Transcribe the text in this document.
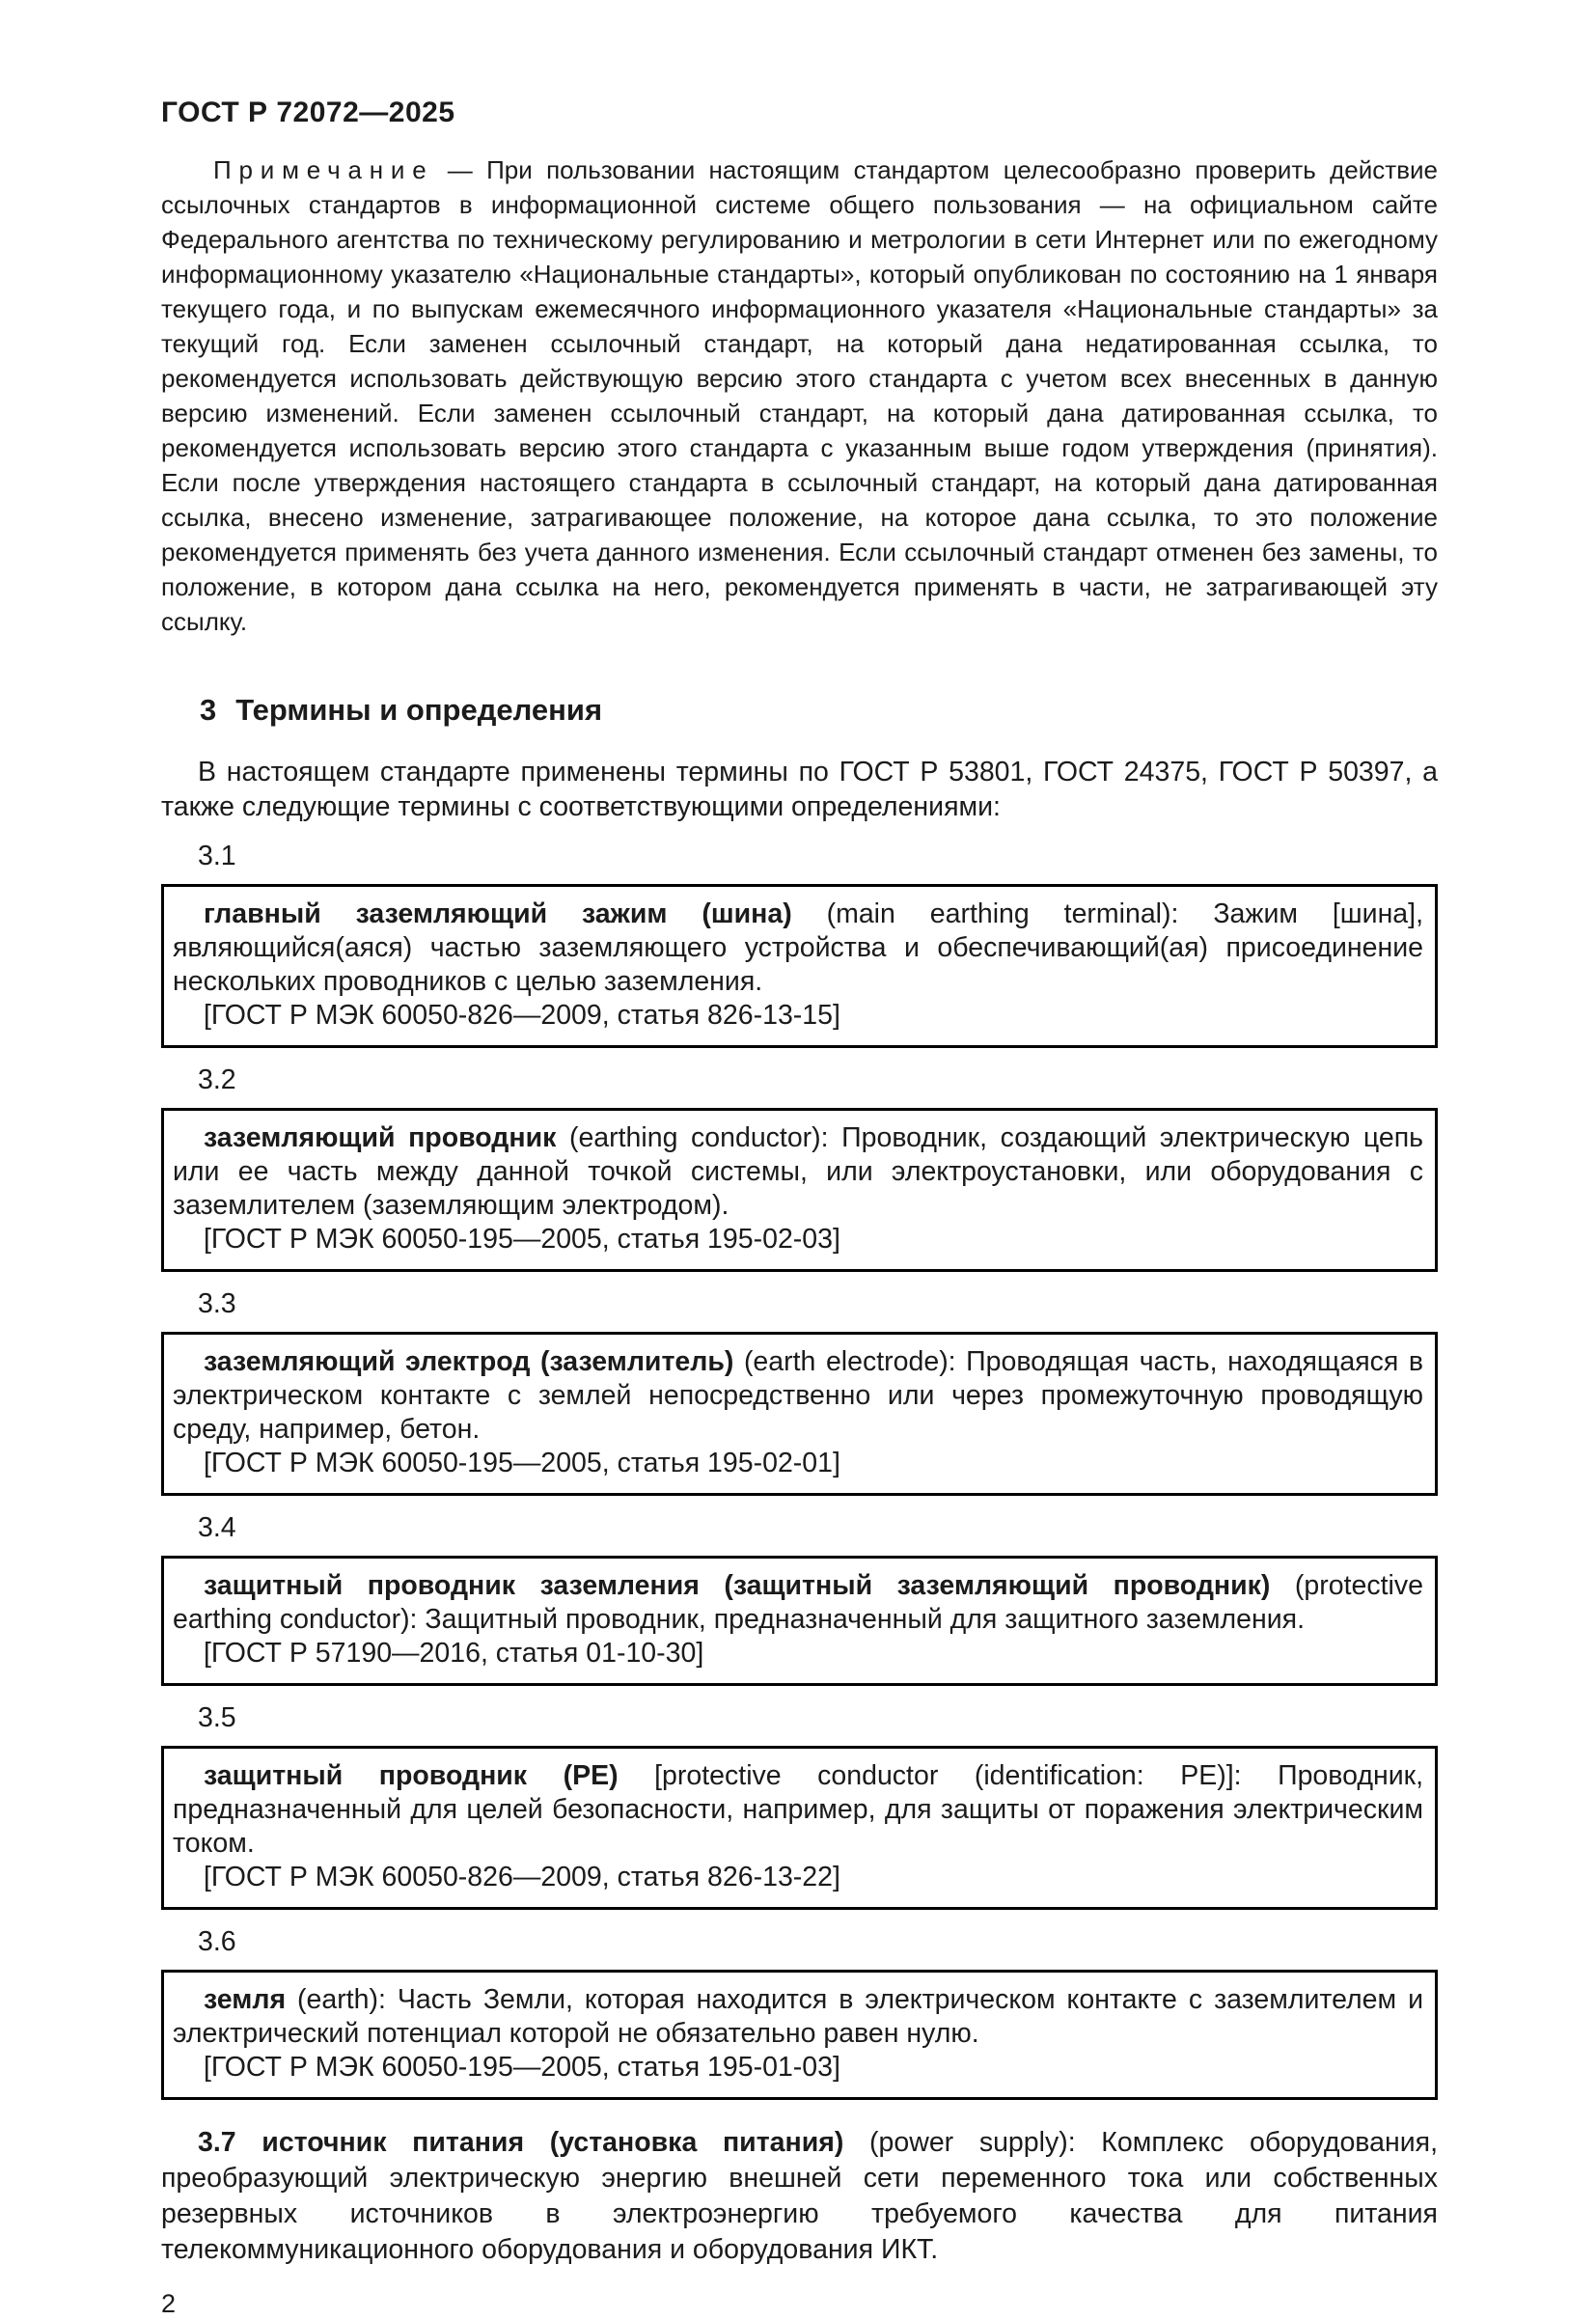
ГОСТ Р 72072—2025

Примечание — При пользовании настоящим стандартом целесообразно проверить действие ссылочных стандартов в информационной системе общего пользования — на официальном сайте Федерального агентства по техническому регулированию и метрологии в сети Интернет или по ежегодному информационному указателю «Национальные стандарты», который опубликован по состоянию на 1 января текущего года, и по выпускам ежемесячного информационного указателя «Национальные стандарты» за текущий год. Если заменен ссылочный стандарт, на который дана недатированная ссылка, то рекомендуется использовать действующую версию этого стандарта с учетом всех внесенных в данную версию изменений. Если заменен ссылочный стандарт, на который дана датированная ссылка, то рекомендуется использовать версию этого стандарта с указанным выше годом утверждения (принятия). Если после утверждения настоящего стандарта в ссылочный стандарт, на который дана датированная ссылка, внесено изменение, затрагивающее положение, на которое дана ссылка, то это положение рекомендуется применять без учета данного изменения. Если ссылочный стандарт отменен без замены, то положение, в котором дана ссылка на него, рекомендуется применять в части, не затрагивающей эту ссылку.

3 Термины и определения

В настоящем стандарте применены термины по ГОСТ Р 53801, ГОСТ 24375, ГОСТ Р 50397, а также следующие термины с соответствующими определениями:

3.1

главный заземляющий зажим (шина) (main earthing terminal): Зажим [шина], являющийся(аяся) частью заземляющего устройства и обеспечивающий(ая) присоединение нескольких проводников с целью заземления.

[ГОСТ Р МЭК 60050-826—2009, статья 826-13-15]

3.2

заземляющий проводник (earthing conductor): Проводник, создающий электрическую цепь или ее часть между данной точкой системы, или электроустановки, или оборудования с заземлителем (заземляющим электродом).

[ГОСТ Р МЭК 60050-195—2005, статья 195-02-03]

3.3

заземляющий электрод (заземлитель) (earth electrode): Проводящая часть, находящаяся в электрическом контакте с землей непосредственно или через промежуточную проводящую среду, например, бетон.

[ГОСТ Р МЭК 60050-195—2005, статья 195-02-01]

3.4

защитный проводник заземления (защитный заземляющий проводник) (protective earthing conductor): Защитный проводник, предназначенный для защитного заземления.

[ГОСТ Р 57190—2016, статья 01-10-30]

3.5

защитный проводник (PE) [protective conductor (identification: PE)]: Проводник, предназначенный для целей безопасности, например, для защиты от поражения электрическим током.

[ГОСТ Р МЭК 60050-826—2009, статья 826-13-22]

3.6

земля (earth): Часть Земли, которая находится в электрическом контакте с заземлителем и электрический потенциал которой не обязательно равен нулю.

[ГОСТ Р МЭК 60050-195—2005, статья 195-01-03]

3.7 источник питания (установка питания) (power supply): Комплекс оборудования, преобразующий электрическую энергию внешней сети переменного тока или собственных резервных источников в электроэнергию требуемого качества для питания телекоммуникационного оборудования и оборудования ИКТ.

2
